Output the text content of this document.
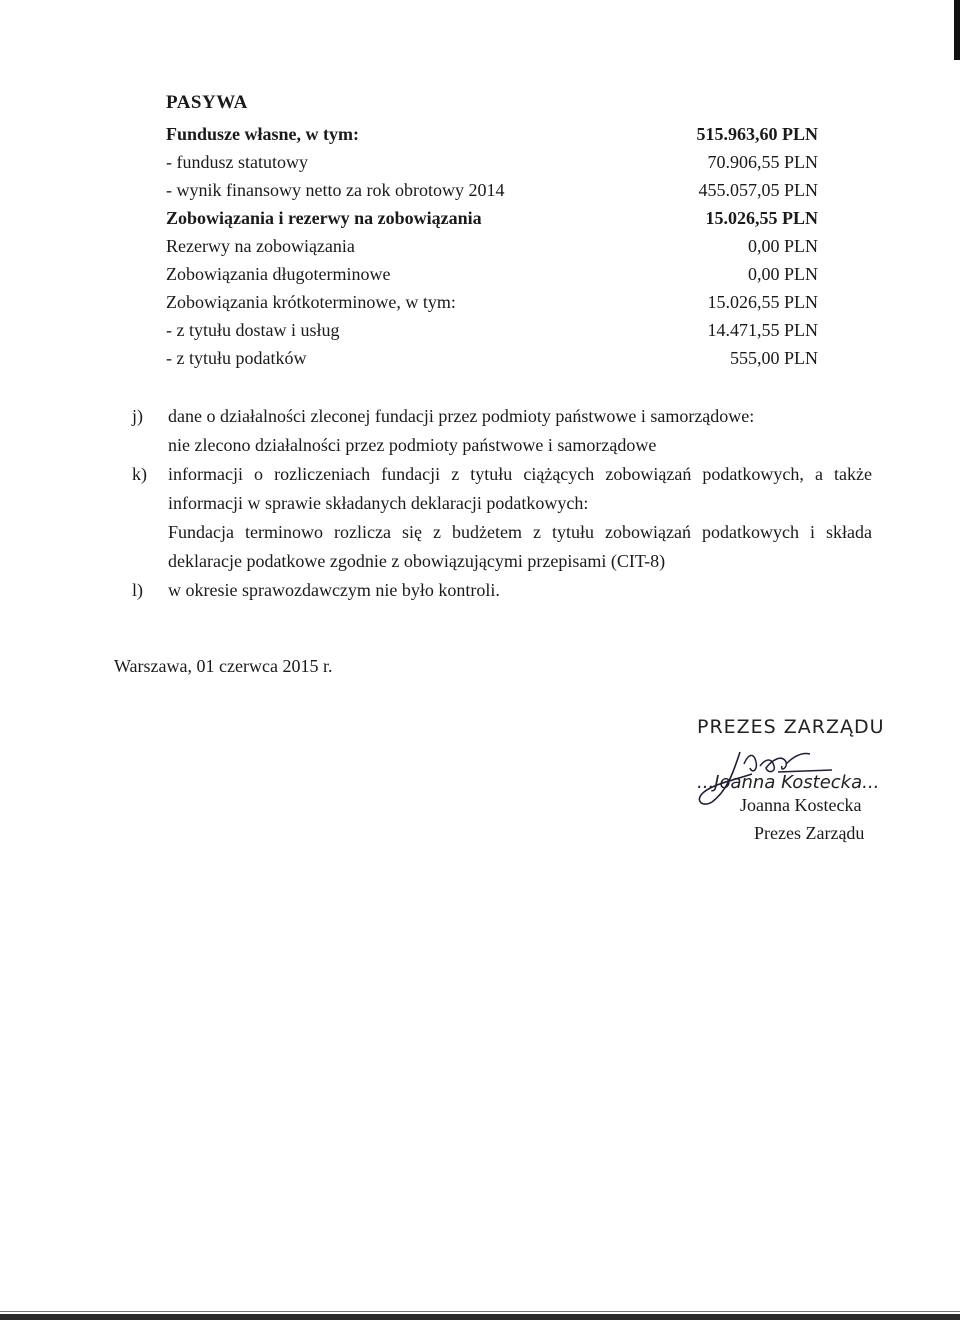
PASYWA
Fundusze własne, w tym:	515.963,60 PLN
- fundusz statutowy	70.906,55 PLN
- wynik finansowy netto za rok obrotowy 2014	455.057,05 PLN
Zobowiązania i rezerwy na zobowiązania	15.026,55 PLN
Rezerwy na zobowiązania	0,00 PLN
Zobowiązania długoterminowe	0,00 PLN
Zobowiązania krótkoterminowe, w tym:	15.026,55 PLN
- z tytułu dostaw i usług	14.471,55 PLN
- z tytułu podatków	555,00 PLN
j) dane o działalności zleconej fundacji przez podmioty państwowe i samorządowe:
nie zlecono działalności przez podmioty państwowe i samorządowe
k) informacji o rozliczeniach fundacji z tytułu ciążących zobowiązań podatkowych, a także
informacji w sprawie składanych deklaracji podatkowych:
Fundacja terminowo rozlicza się z budżetem z tytułu zobowiązań podatkowych i składa
deklaracje podatkowe zgodnie z obowiązującymi przepisami (CIT-8)
l) w okresie sprawozdawczym nie było kontroli.
Warszawa, 01 czerwca 2015 r.
PREZES ZARZĄDU
...Joanna Kostecka...
Joanna Kostecka
Prezes Zarządu
